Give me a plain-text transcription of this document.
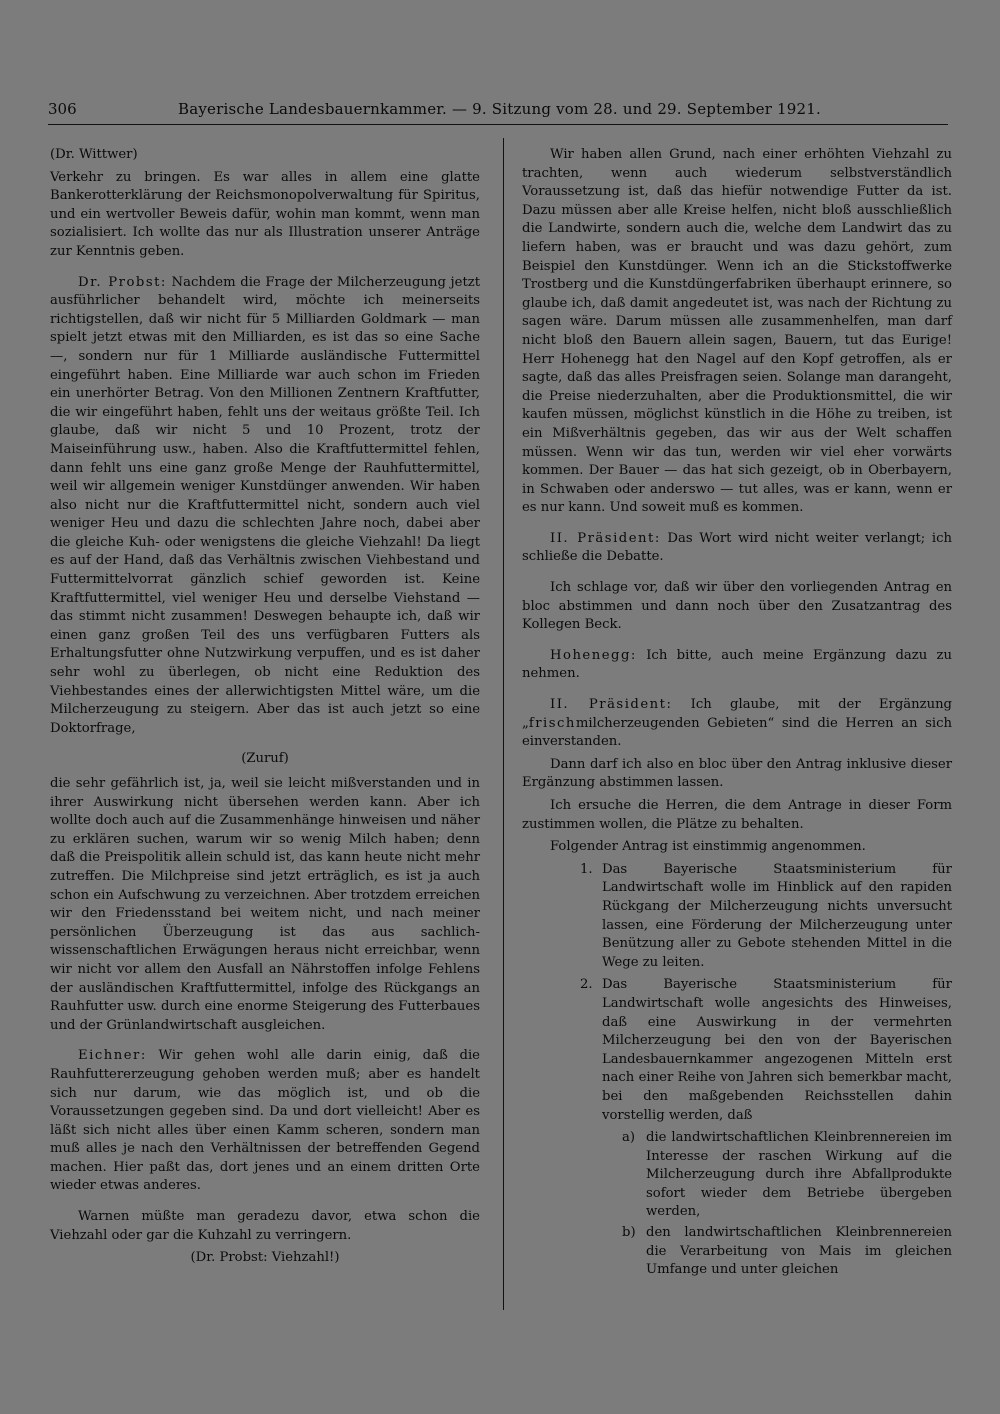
306	Bayerische Landesbauernkammer. — 9. Sitzung vom 28. und 29. September 1921.

(Dr. Wittwer)

Verkehr zu bringen. Es war alles in allem eine glatte Bankerotterklärung der Reichsmonopolverwaltung für Spiritus, und ein wertvoller Beweis dafür, wohin man kommt, wenn man sozialisiert. Ich wollte das nur als Illustration unserer Anträge zur Kenntnis geben.

Dr. Probst: Nachdem die Frage der Milcherzeugung jetzt ausführlicher behandelt wird, möchte ich meinerseits richtigstellen, daß wir nicht für 5 Milliarden Goldmark — man spielt jetzt etwas mit den Milliarden, es ist das so eine Sache —, sondern nur für 1 Milliarde ausländische Futtermittel eingeführt haben. Eine Milliarde war auch schon im Frieden ein unerhörter Betrag. Von den Millionen Zentnern Kraftfutter, die wir eingeführt haben, fehlt uns der weitaus größte Teil. Ich glaube, daß wir nicht 5 und 10 Prozent, trotz der Maiseinführung usw., haben. Also die Kraftfuttermittel fehlen, dann fehlt uns eine ganz große Menge der Rauhfuttermittel, weil wir allgemein weniger Kunstdünger anwenden. Wir haben also nicht nur die Kraftfuttermittel nicht, sondern auch viel weniger Heu und dazu die schlechten Jahre noch, dabei aber die gleiche Kuh- oder wenigstens die gleiche Viehzahl! Da liegt es auf der Hand, daß das Verhältnis zwischen Viehbestand und Futtermittelvorrat gänzlich schief geworden ist. Keine Kraftfuttermittel, viel weniger Heu und derselbe Viehstand — das stimmt nicht zusammen! Deswegen behaupte ich, daß wir einen ganz großen Teil des uns verfügbaren Futters als Erhaltungsfutter ohne Nutzwirkung verpuffen, und es ist daher sehr wohl zu überlegen, ob nicht eine Reduktion des Viehbestandes eines der allerwichtigsten Mittel wäre, um die Milcherzeugung zu steigern. Aber das ist auch jetzt so eine Doktorfrage,

(Zuruf)

die sehr gefährlich ist, ja, weil sie leicht mißverstanden und in ihrer Auswirkung nicht übersehen werden kann. Aber ich wollte doch auch auf die Zusammenhänge hinweisen und näher zu erklären suchen, warum wir so wenig Milch haben; denn daß die Preispolitik allein schuld ist, das kann heute nicht mehr zutreffen. Die Milchpreise sind jetzt erträglich, es ist ja auch schon ein Aufschwung zu verzeichnen. Aber trotzdem erreichen wir den Friedensstand bei weitem nicht, und nach meiner persönlichen Überzeugung ist das aus sachlich-wissenschaftlichen Erwägungen heraus nicht erreichbar, wenn wir nicht vor allem den Ausfall an Nährstoffen infolge Fehlens der ausländischen Kraftfuttermittel, infolge des Rückgangs an Rauhfutter usw. durch eine enorme Steigerung des Futterbaues und der Grünlandwirtschaft ausgleichen.

Eichner: Wir gehen wohl alle darin einig, daß die Rauhfuttererzeugung gehoben werden muß; aber es handelt sich nur darum, wie das möglich ist, und ob die Voraussetzungen gegeben sind. Da und dort vielleicht! Aber es läßt sich nicht alles über einen Kamm scheren, sondern man muß alles je nach den Verhältnissen der betreffenden Gegend machen. Hier paßt das, dort jenes und an einem dritten Orte wieder etwas anderes.

Warnen müßte man geradezu davor, etwa schon die Viehzahl oder gar die Kuhzahl zu verringern.

(Dr. Probst: Viehzahl!)

Wir haben allen Grund, nach einer erhöhten Viehzahl zu trachten, wenn auch wiederum selbstverständlich Voraussetzung ist, daß das hiefür notwendige Futter da ist. Dazu müssen aber alle Kreise helfen, nicht bloß ausschließlich die Landwirte, sondern auch die, welche dem Landwirt das zu liefern haben, was er braucht und was dazu gehört, zum Beispiel den Kunstdünger. Wenn ich an die Stickstoffwerke Trostberg und die Kunstdüngerfabriken überhaupt erinnere, so glaube ich, daß damit angedeutet ist, was nach der Richtung zu sagen wäre. Darum müssen alle zusammenhelfen, man darf nicht bloß den Bauern allein sagen, Bauern, tut das Eurige! Herr Hohenegg hat den Nagel auf den Kopf getroffen, als er sagte, daß das alles Preisfragen seien. Solange man darangeht, die Preise niederzuhalten, aber die Produktionsmittel, die wir kaufen müssen, möglichst künstlich in die Höhe zu treiben, ist ein Mißverhältnis gegeben, das wir aus der Welt schaffen müssen. Wenn wir das tun, werden wir viel eher vorwärts kommen. Der Bauer — das hat sich gezeigt, ob in Oberbayern, in Schwaben oder anderswo — tut alles, was er kann, wenn er es nur kann. Und soweit muß es kommen.

II. Präsident: Das Wort wird nicht weiter verlangt; ich schließe die Debatte.

Ich schlage vor, daß wir über den vorliegenden Antrag en bloc abstimmen und dann noch über den Zusatzantrag des Kollegen Beck.

Hohenegg: Ich bitte, auch meine Ergänzung dazu zu nehmen.

II. Präsident: Ich glaube, mit der Ergänzung „frischmilcherzeugenden Gebieten“ sind die Herren an sich einverstanden.

Dann darf ich also en bloc über den Antrag inklusive dieser Ergänzung abstimmen lassen.

Ich ersuche die Herren, die dem Antrage in dieser Form zustimmen wollen, die Plätze zu behalten.

Folgender Antrag ist einstimmig angenommen.

1. Das Bayerische Staatsministerium für Landwirtschaft wolle im Hinblick auf den rapiden Rückgang der Milcherzeugung nichts unversucht lassen, eine Förderung der Milcherzeugung unter Benützung aller zu Gebote stehenden Mittel in die Wege zu leiten.
2. Das Bayerische Staatsministerium für Landwirtschaft wolle angesichts des Hinweises, daß eine Auswirkung in der vermehrten Milcherzeugung bei den von der Bayerischen Landesbauernkammer angezogenen Mitteln erst nach einer Reihe von Jahren sich bemerkbar macht, bei den maßgebenden Reichsstellen dahin vorstellig werden, daß
a) die landwirtschaftlichen Kleinbrennereien im Interesse der raschen Wirkung auf die Milcherzeugung durch ihre Abfallprodukte sofort wieder dem Betriebe übergeben werden,
b) den landwirtschaftlichen Kleinbrennereien die Verarbeitung von Mais im gleichen Umfange und unter gleichen
